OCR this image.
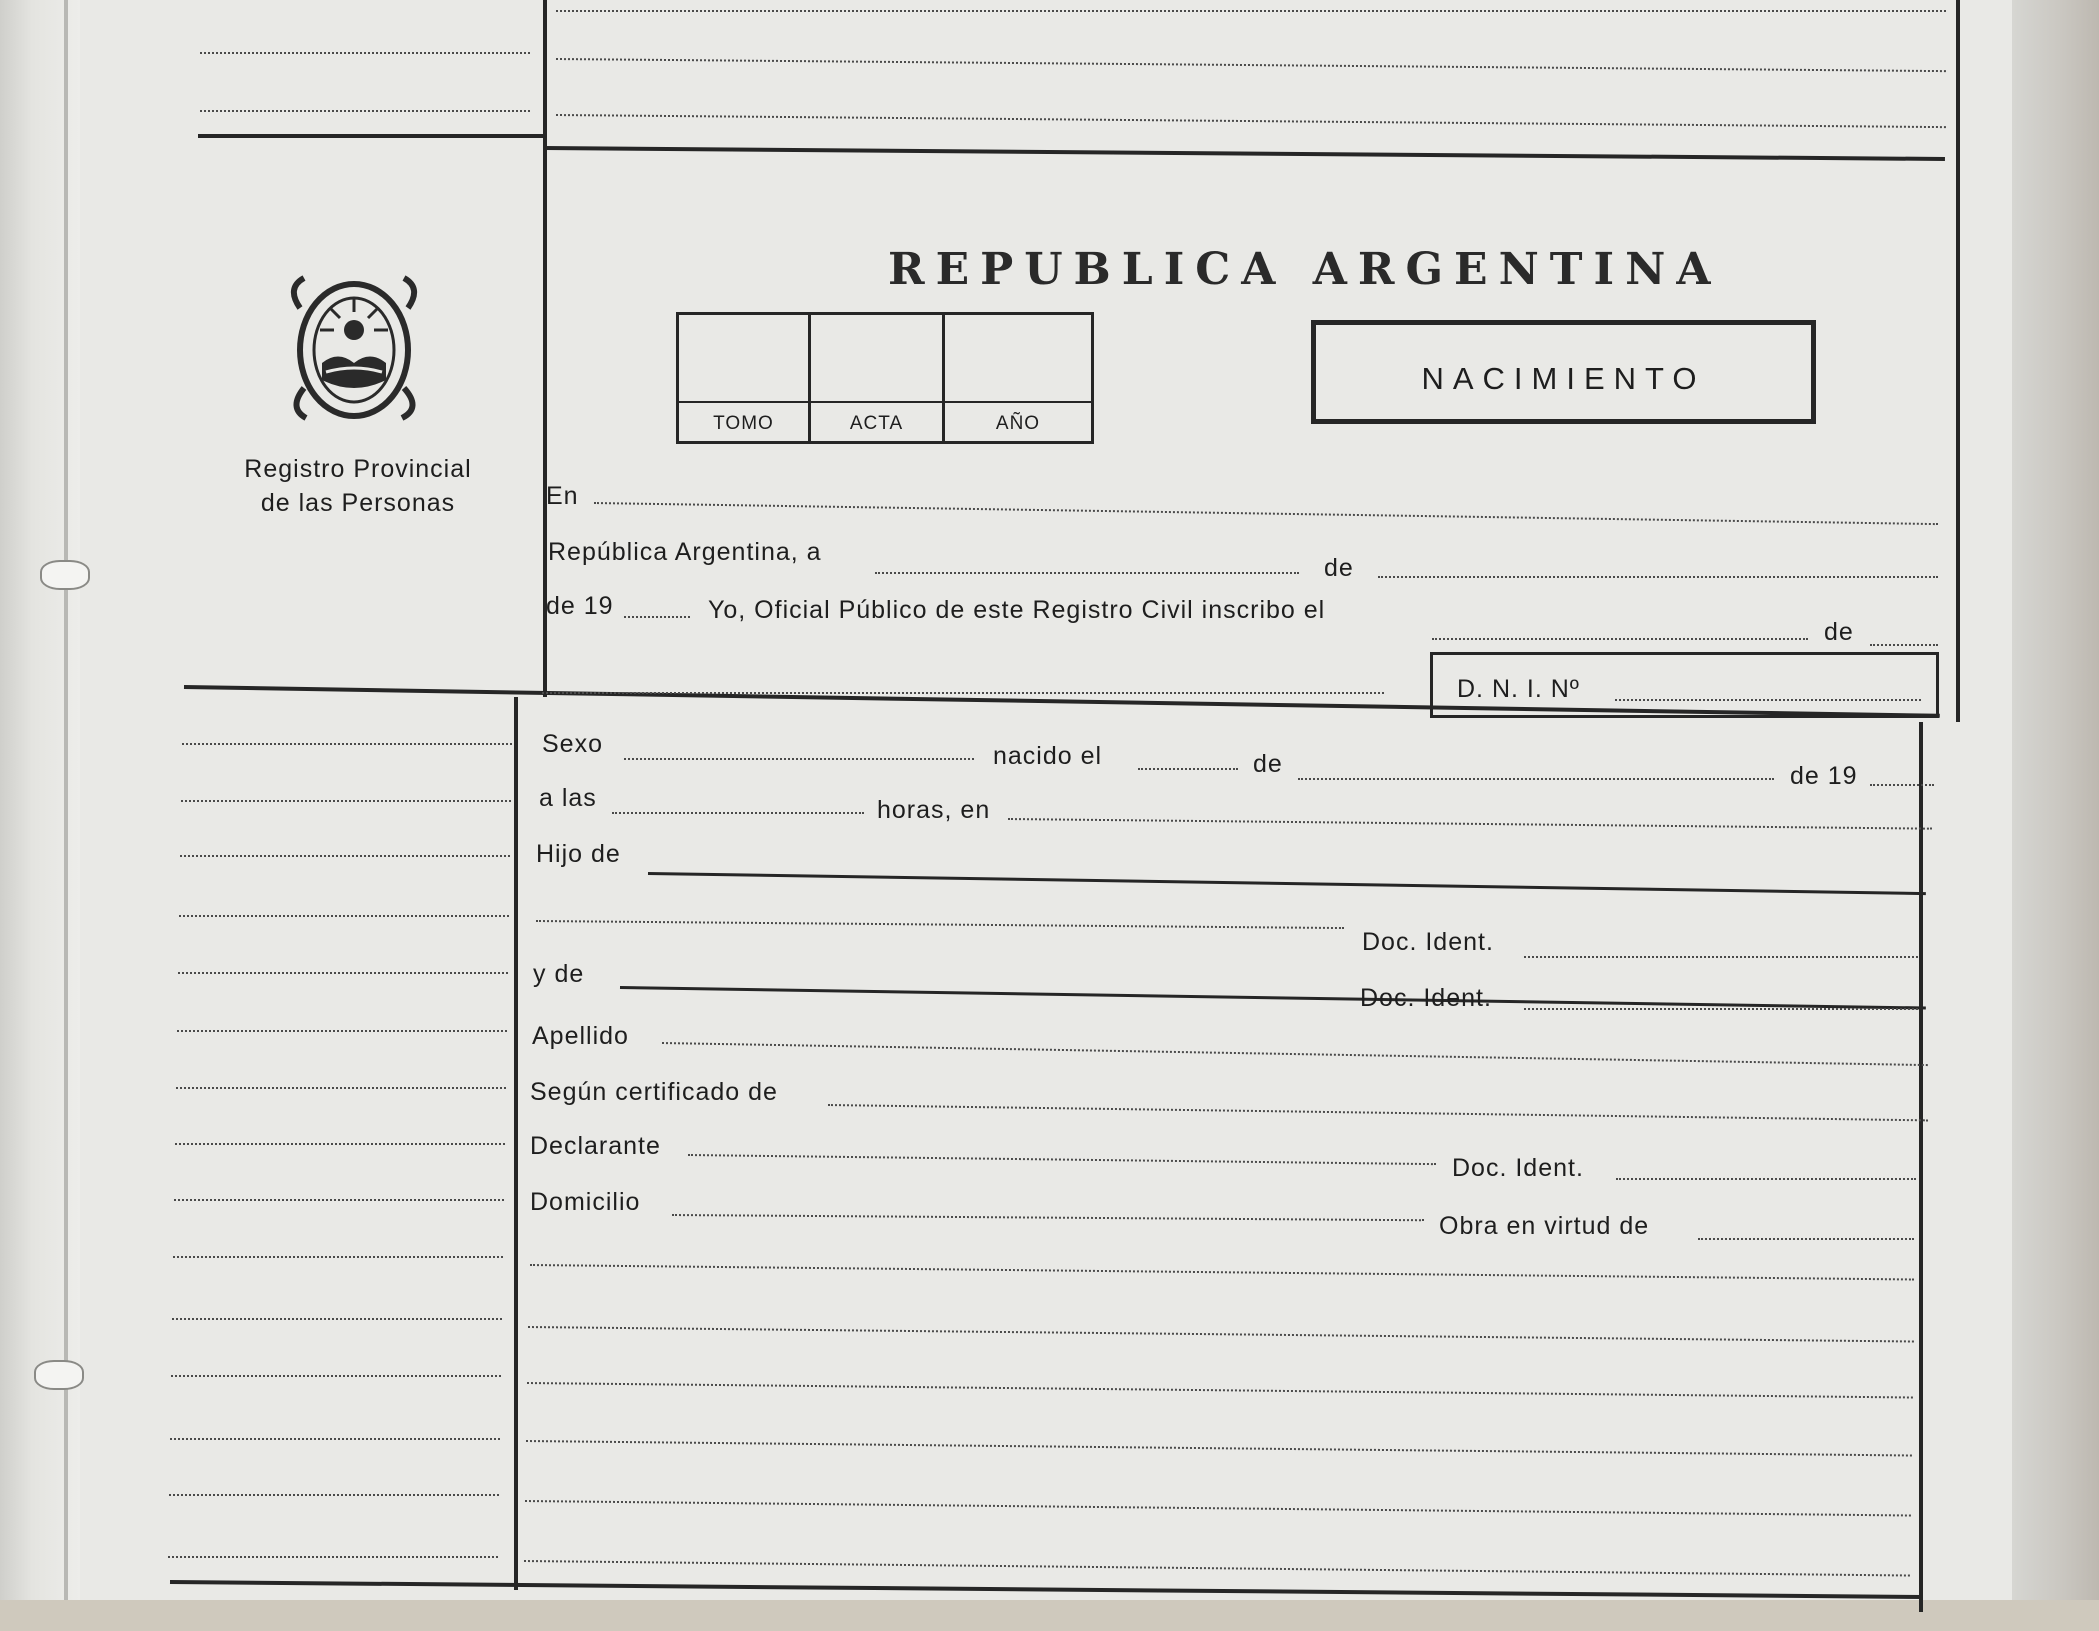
Registro Provincial
de las Personas
REPUBLICA ARGENTINA
TOMO	ACTA	AÑO
NACIMIENTO
En
República Argentina, a
de
de 19	Yo, Oficial Público de este Registro Civil inscribo el
de
D. N. I. Nº
Sexo	nacido el	de	de 19
a las	horas, en
Hijo de
Doc. Ident.
y de
Doc. Ident.
Apellido
Según certificado de
Declarante
Doc. Ident.
Domicilio
Obra en virtud de
